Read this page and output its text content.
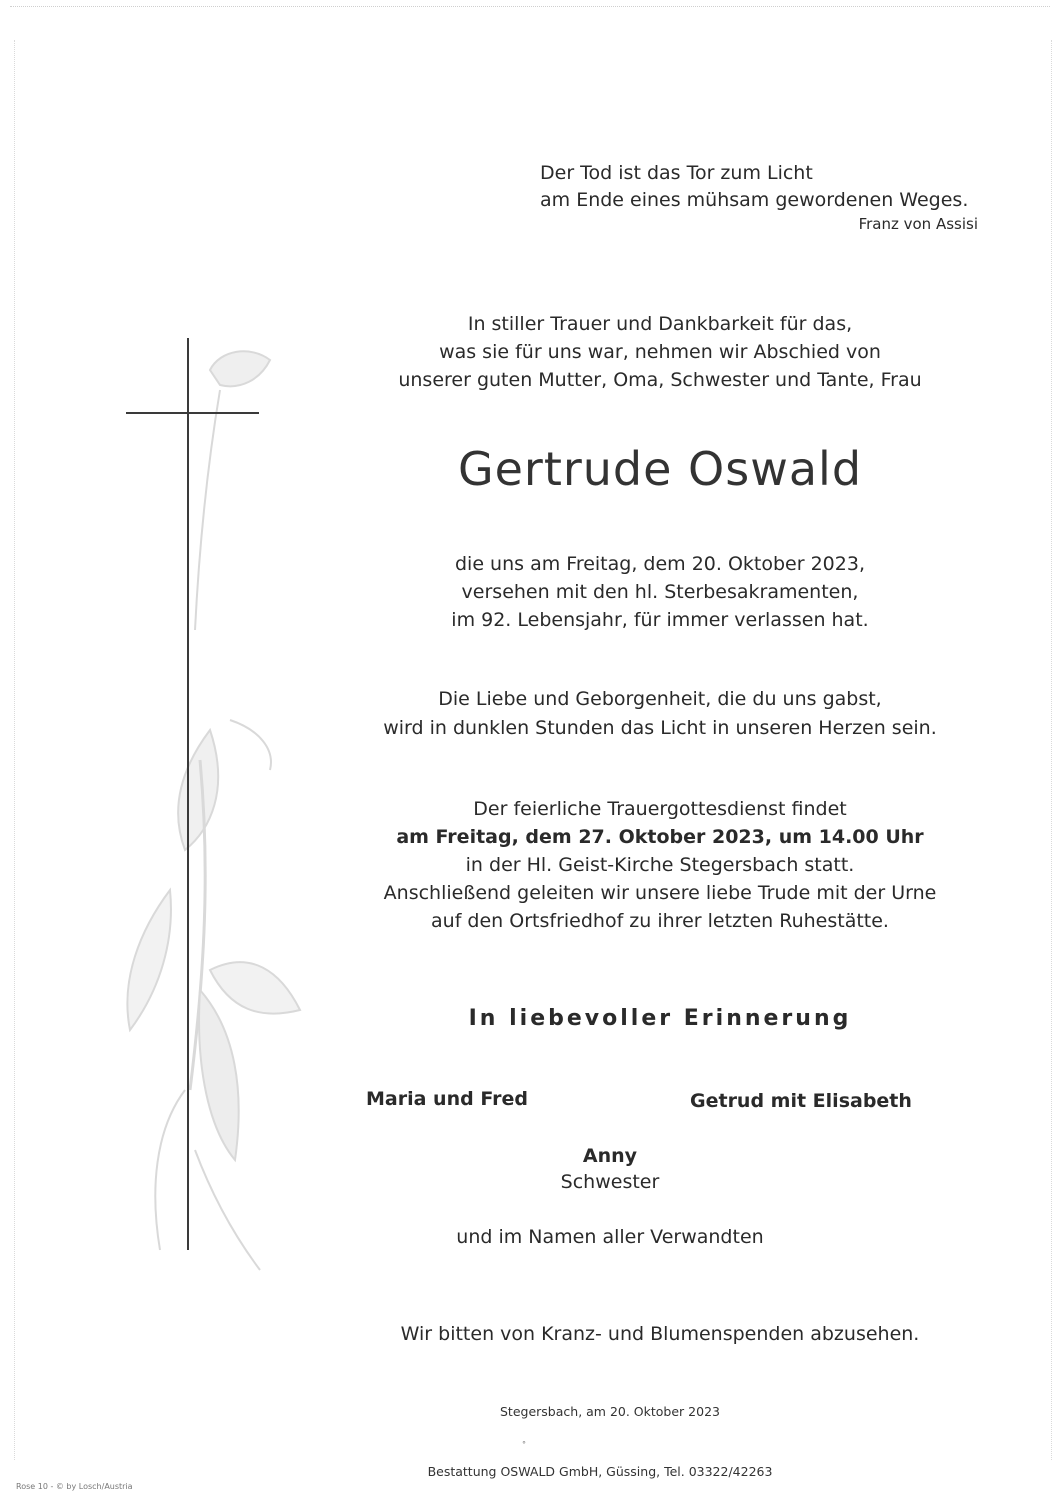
Der Tod ist das Tor zum Licht
am Ende eines mühsam gewordenen Weges.
Franz von Assisi
In stiller Trauer und Dankbarkeit für das,
was sie für uns war, nehmen wir Abschied von
unserer guten Mutter, Oma, Schwester und Tante, Frau
Gertrude Oswald
die uns am Freitag, dem 20. Oktober 2023,
versehen mit den hl. Sterbesakramenten,
im 92. Lebensjahr, für immer verlassen hat.
Die Liebe und Geborgenheit, die du uns gabst,
wird in dunklen Stunden das Licht in unseren Herzen sein.
Der feierliche Trauergottesdienst findet
am Freitag, dem 27. Oktober 2023, um 14.00 Uhr
in der Hl. Geist-Kirche Stegersbach statt.
Anschließend geleiten wir unsere liebe Trude mit der Urne
auf den Ortsfriedhof zu ihrer letzten Ruhestätte.
In liebevoller Erinnerung
Maria und Fred	Getrud mit Elisabeth
Anny
Schwester
und im Namen aller Verwandten
Wir bitten von Kranz- und Blumenspenden abzusehen.
Stegersbach, am 20. Oktober 2023
°
Bestattung OSWALD GmbH, Güssing, Tel. 03322/42263
Rose 10 - © by Losch/Austria
